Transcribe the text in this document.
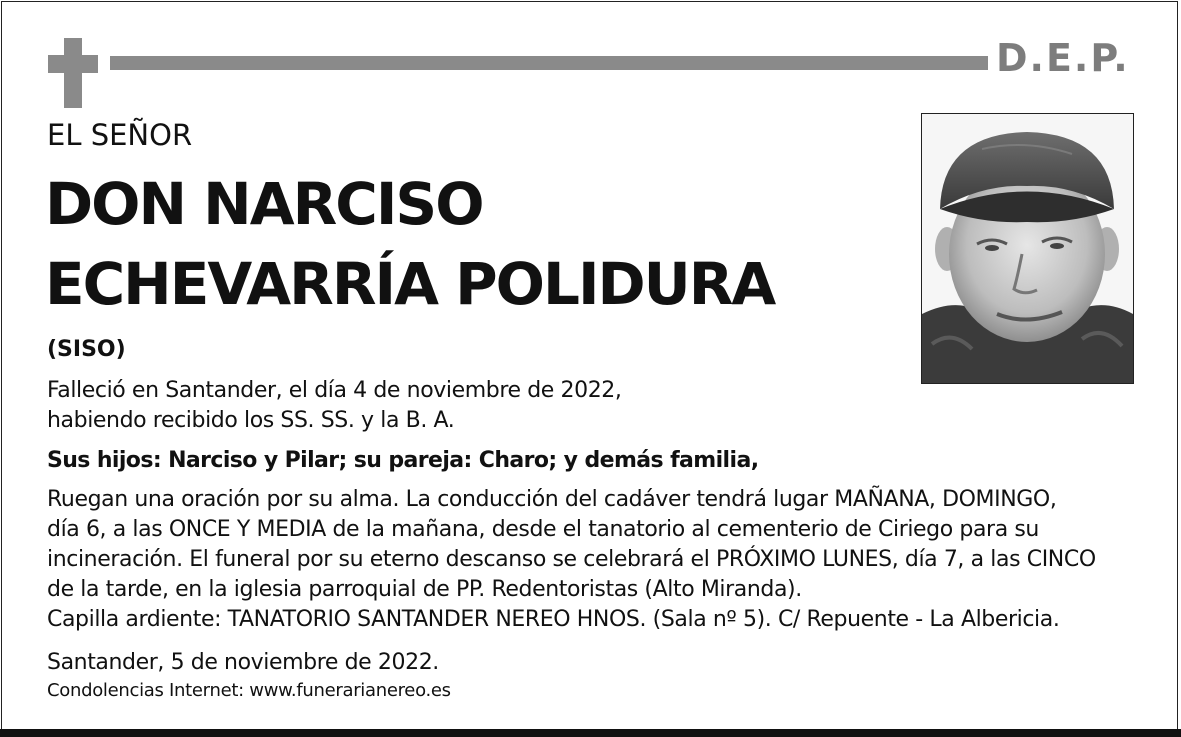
D.E.P.
EL SEÑOR
DON NARCISO
ECHEVARRÍA POLIDURA
(SISO)
Falleció en Santander, el día 4 de noviembre de 2022,
habiendo recibido los SS. SS. y la B. A.
Sus hijos: Narciso y Pilar; su pareja: Charo; y demás familia,
Ruegan una oración por su alma. La conducción del cadáver tendrá lugar MAÑANA, DOMINGO,
día 6, a las ONCE Y MEDIA de la mañana, desde el tanatorio al cementerio de Ciriego para su
incineración. El funeral por su eterno descanso se celebrará el PRÓXIMO LUNES, día 7, a las CINCO
de la tarde, en la iglesia parroquial de PP. Redentoristas (Alto Miranda).
Capilla ardiente: TANATORIO SANTANDER NEREO HNOS. (Sala nº 5). C/ Repuente - La Albericia.
Santander, 5 de noviembre de 2022.
Condolencias Internet: www.funerarianereo.es
